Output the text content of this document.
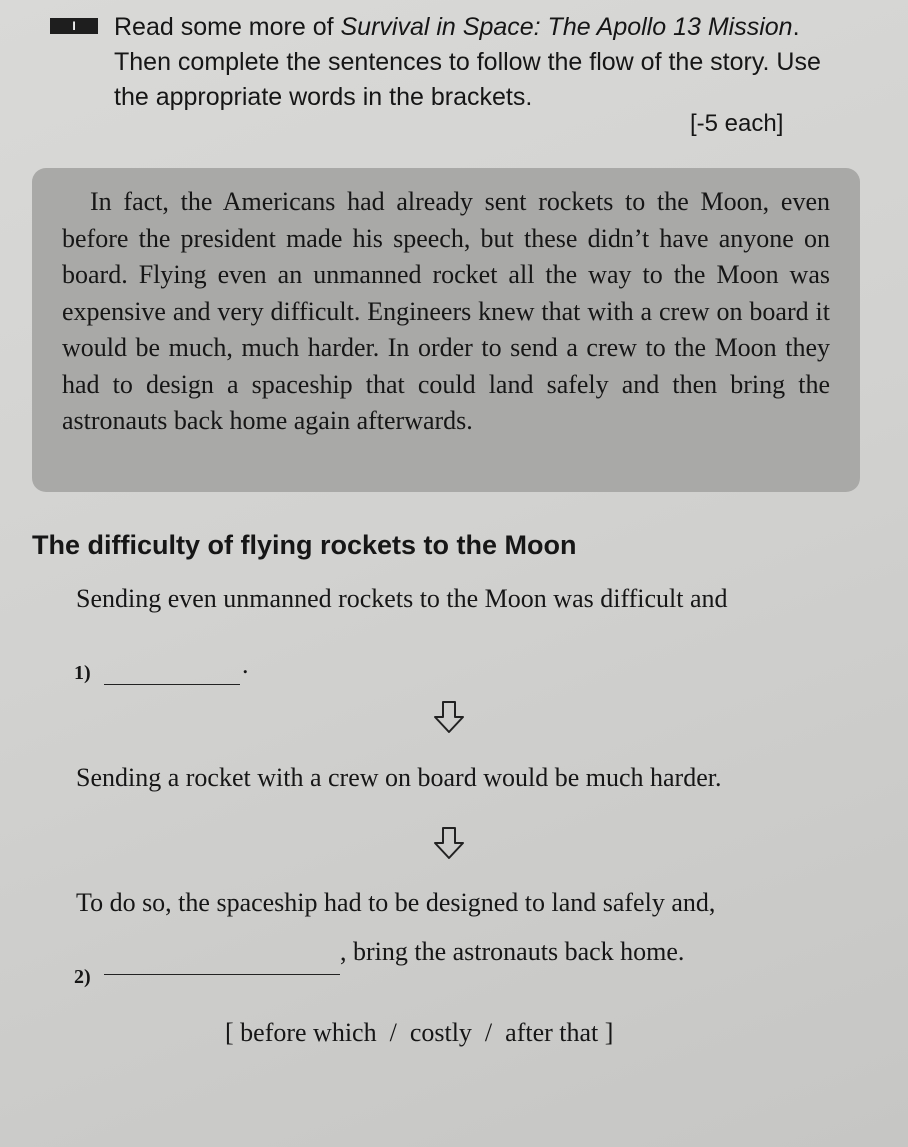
I	Read some more of Survival in Space: The Apollo 13 Mission. Then complete the sentences to follow the flow of the story. Use the appropriate words in the brackets.
[-5 each]

In fact, the Americans had already sent rockets to the Moon, even before the president made his speech, but these didn’t have anyone on board. Flying even an unmanned rocket all the way to the Moon was expensive and very difficult. Engineers knew that with a crew on board it would be much, much harder. In order to send a crew to the Moon they had to design a spaceship that could land safely and then bring the astronauts back home again afterwards.

The difficulty of flying rockets to the Moon
Sending even unmanned rockets to the Moon was difficult and
1)	.
Sending a rocket with a crew on board would be much harder.
To do so, the spaceship had to be designed to land safely and,
2)
, bring the astronauts back home.
[ before which  /  costly  /  after that ]
